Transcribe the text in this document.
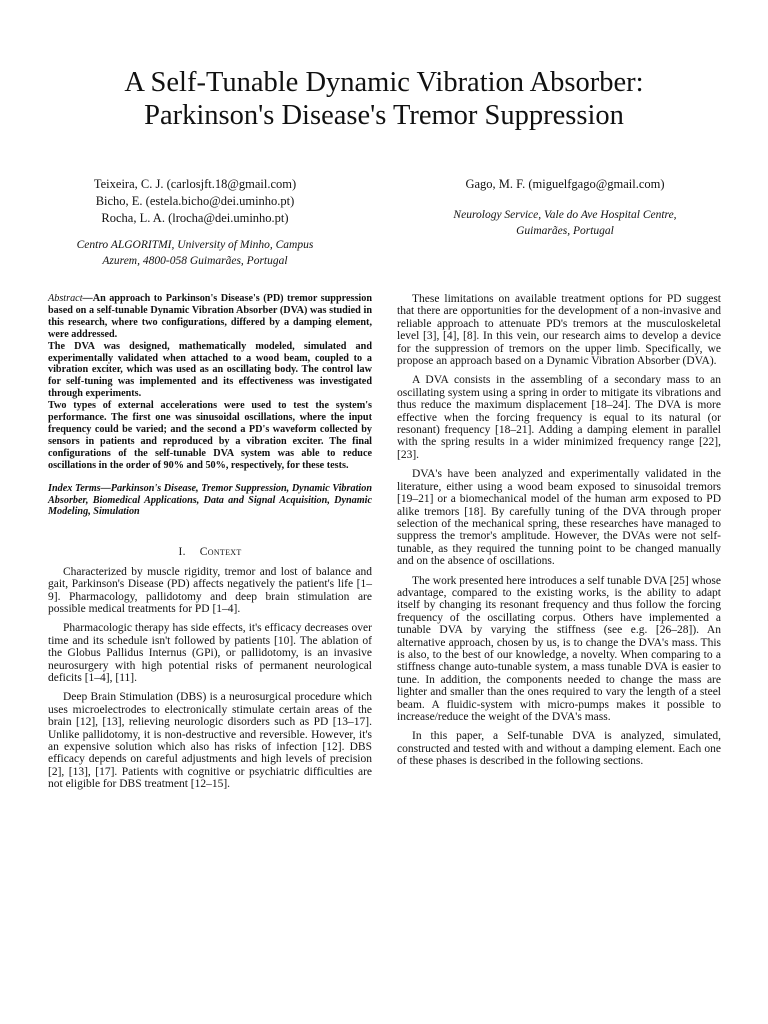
A Self-Tunable Dynamic Vibration Absorber:
Parkinson's Disease's Tremor Suppression
Teixeira, C. J. (carlosjft.18@gmail.com)
Bicho, E. (estela.bicho@dei.uminho.pt)
Rocha, L. A. (lrocha@dei.uminho.pt)
Centro ALGORITMI, University of Minho, Campus
Azurem, 4800-058 Guimarães, Portugal
Gago, M. F. (miguelfgago@gmail.com)
Neurology Service, Vale do Ave Hospital Centre,
Guimarães, Portugal
Abstract—An approach to Parkinson's Disease's (PD) tremor suppression based on a self-tunable Dynamic Vibration Absorber (DVA) was studied in this research, where two configurations, differed by a damping element, were addressed.
The DVA was designed, mathematically modeled, simulated and experimentally validated when attached to a wood beam, coupled to a vibration exciter, which was used as an oscillating body. The control law for self-tuning was implemented and its effectiveness was investigated through experiments.
Two types of external accelerations were used to test the system's performance. The first one was sinusoidal oscillations, where the input frequency could be varied; and the second a PD's waveform collected by sensors in patients and reproduced by a vibration exciter. The final configurations of the self-tunable DVA system was able to reduce oscillations in the order of 90% and 50%, respectively, for these tests.
Index Terms—Parkinson's Disease, Tremor Suppression, Dynamic Vibration Absorber, Biomedical Applications, Data and Signal Acquisition, Dynamic Modeling, Simulation
I. Context
Characterized by muscle rigidity, tremor and lost of balance and gait, Parkinson's Disease (PD) affects negatively the patient's life [1–9]. Pharmacology, pallidotomy and deep brain stimulation are possible medical treatments for PD [1–4].
Pharmacologic therapy has side effects, it's efficacy decreases over time and its schedule isn't followed by patients [10]. The ablation of the Globus Pallidus Internus (GPi), or pallidotomy, is an invasive neurosurgery with high potential risks of permanent neurological deficits [1–4], [11].
Deep Brain Stimulation (DBS) is a neurosurgical procedure which uses microelectrodes to electronically stimulate certain areas of the brain [12], [13], relieving neurologic disorders such as PD [13–17]. Unlike pallidotomy, it is non-destructive and reversible. However, it's an expensive solution which also has risks of infection [12]. DBS efficacy depends on careful adjustments and high levels of precision [2], [13], [17]. Patients with cognitive or psychiatric difficulties are not eligible for DBS treatment [12–15].
These limitations on available treatment options for PD suggest that there are opportunities for the development of a non-invasive and reliable approach to attenuate PD's tremors at the musculoskeletal level [3], [4], [8]. In this vein, our research aims to develop a device for the suppression of tremors on the upper limb. Specifically, we propose an approach based on a Dynamic Vibration Absorber (DVA).
A DVA consists in the assembling of a secondary mass to an oscillating system using a spring in order to mitigate its vibrations and thus reduce the maximum displacement [18–24]. The DVA is more effective when the forcing frequency is equal to its natural (or resonant) frequency [18–21]. Adding a damping element in parallel with the spring results in a wider minimized frequency range [22], [23].
DVA's have been analyzed and experimentally validated in the literature, either using a wood beam exposed to sinusoidal tremors [19–21] or a biomechanical model of the human arm exposed to PD alike tremors [18]. By carefully tuning of the DVA through proper selection of the mechanical spring, these researches have managed to suppress the tremor's amplitude. However, the DVAs were not self-tunable, as they required the tunning point to be changed manually and on the absence of oscillations.
The work presented here introduces a self tunable DVA [25] whose advantage, compared to the existing works, is the ability to adapt itself by changing its resonant frequency and thus follow the forcing frequency of the oscillating corpus. Others have implemented a tunable DVA by varying the stiffness (see e.g. [26–28]). An alternative approach, chosen by us, is to change the DVA's mass. This is also, to the best of our knowledge, a novelty. When comparing to a stiffness change auto-tunable system, a mass tunable DVA is easier to tune. In addition, the components needed to change the mass are lighter and smaller than the ones required to vary the length of a steel beam. A fluidic-system with micro-pumps makes it possible to increase/reduce the weight of the DVA's mass.
In this paper, a Self-tunable DVA is analyzed, simulated, constructed and tested with and without a damping element. Each one of these phases is described in the following sections.
